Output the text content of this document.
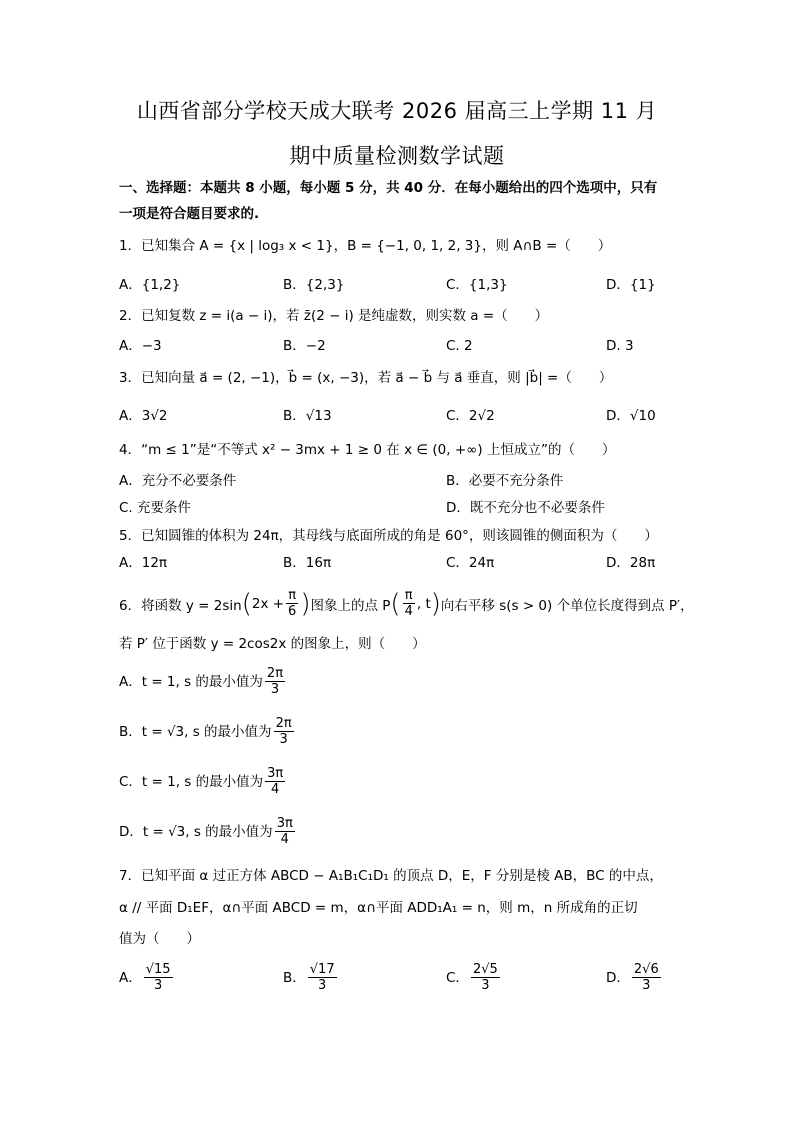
山西省部分学校天成大联考 2026 届高三上学期 11 月
期中质量检测数学试题
一、选择题：本题共 8 小题，每小题 5 分，共 40 分．在每小题给出的四个选项中，只有
一项是符合题目要求的.
1．已知集合 A = {x | log₃ x < 1}，B = {−1, 0, 1, 2, 3}，则 A∩B =（　　）
A．{1,2}	B．{2,3}	C．{1,3}	D．{1}
2．已知复数 z = i(a − i)，若 z̄(2 − i) 是纯虚数，则实数 a =（　　）
A．−3	B．−2	C. 2	D. 3
3．已知向量 a⃗ = (2, −1)，b⃗ = (x, −3)，若 a⃗ − b⃗ 与 a⃗ 垂直，则 |b⃗| =（　　）
A．3√2	B．√13	C．2√2	D．√10
4．“m ≤ 1”是“不等式 x² − 3mx + 1 ≥ 0 在 x ∈ (0, +∞) 上恒成立”的（　　）
A．充分不必要条件	B．必要不充分条件
C. 充要条件	D．既不充分也不必要条件
5．已知圆锥的体积为 24π，其母线与底面所成的角是 60°，则该圆锥的侧面积为（　　）
A．12π	B．16π	C．24π	D．28π
6．将函数 y = 2sin ( $2x + \frac{\pi}{6}$ ) 图象上的点 P ( $\frac{\pi}{4}$ , t ) 向右平移 s(s > 0) 个单位长度得到点 P′，
若 P′ 位于函数 y = 2cos2x 的图象上，则（　　）
A．t = 1, s 的最小值为 $\frac{2\pi}{3}$
B．t = √3, s 的最小值为 $\frac{2\pi}{3}$
C．t = 1, s 的最小值为 $\frac{3\pi}{4}$
D．t = √3, s 的最小值为 $\frac{3\pi}{4}$
7．已知平面 α 过正方体 ABCD − A₁B₁C₁D₁ 的顶点 D，E，F 分别是棱 AB，BC 的中点，
α // 平面 D₁EF，α∩平面 ABCD = m，α∩平面 ADD₁A₁ = n，则 m，n 所成角的正切
值为（　　）
A． $\frac{√15}{3}$	B． $\frac{√17}{3}$	C． $\frac{2√5}{3}$	D． $\frac{2√6}{3}$
